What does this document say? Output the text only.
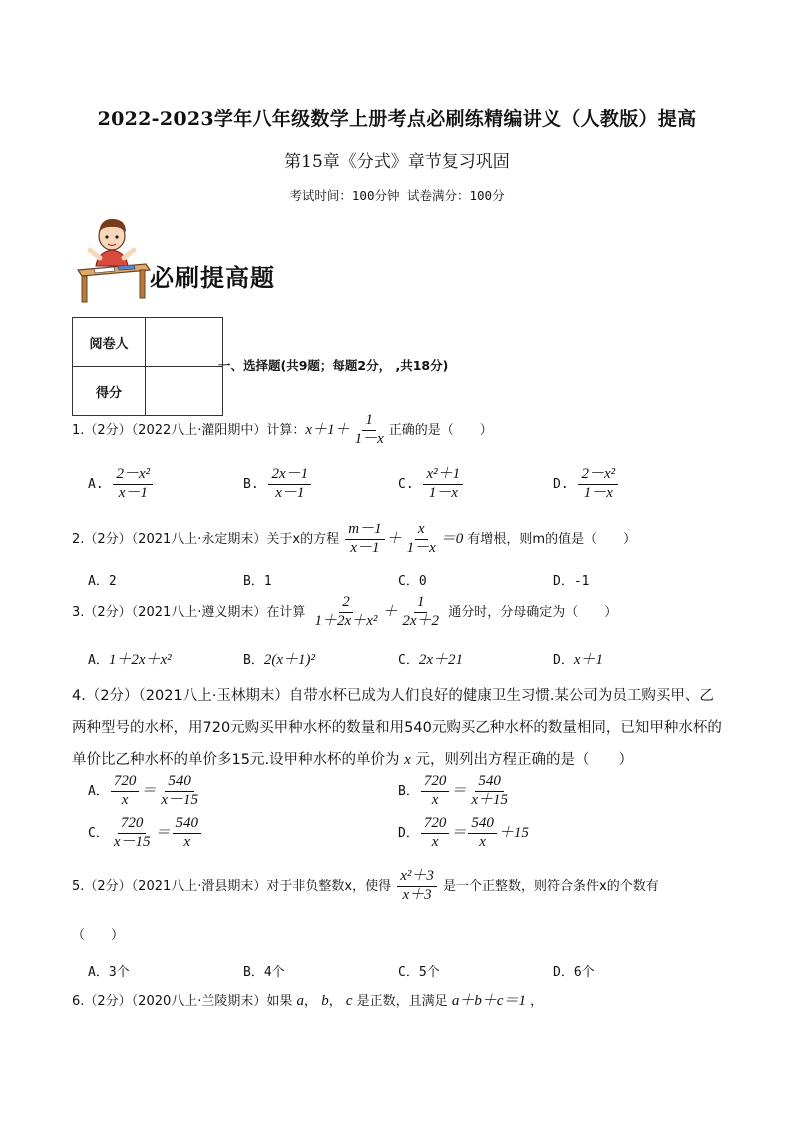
2022-2023学年八年级数学上册考点必刷练精编讲义（人教版）提高
第15章《分式》章节复习巩固
考试时间：100分钟 试卷满分：100分
必刷提高题
阅卷人	
得分	
一、选择题(共9题；每题2分， ,共18分)
1.（2分）（2022八上·灌阳期中）计算：$x+1+ \frac{1}{1-x}$ 正确的是（　　）
A. $\frac{\text{2－x²}}{x-1}$	B. $\frac{2x-1}{x-1}$	C. $\frac{\text{x²＋1}}{1-x}$	D. $\frac{\text{2－x²}}{1-x}$
2.（2分）（2021八上·永定期末）关于x的方程 $\frac{m-1}{x-1} + \frac{x}{1-x} =0$ 有增根，则m的值是（　　）
A．2	B．1	C．0	D．-1
3.（2分）（2021八上·遵义期末）在计算 $\frac{2}{\text{1＋2x＋x²}} + \frac{1}{2x+2}$ 通分时，分母确定为（　　）
A．1＋2x＋x²	B．2(x＋1)²	C．2x＋21	D．x＋1
4.（2分）（2021八上·玉林期末）自带水杯已成为人们良好的健康卫生习惯.某公司为员工购买甲、乙两种型号的水杯，用720元购买甲种水杯的数量和用540元购买乙种水杯的数量相同，已知甲种水杯的单价比乙种水杯的单价多15元.设甲种水杯的单价为 x 元，则列出方程正确的是（　　）
A． $\frac{720}{x} = \frac{540}{x-15}$	B． $\frac{720}{x} = \frac{540}{x+15}$
C． $\frac{720}{x-15} = \frac{540}{x}$	D． $\frac{720}{x} = \frac{540}{x} +15$
5.（2分）（2021八上·滑县期末）对于非负整数x，使得 $\frac{\text{x²＋3}}{x+3}$ 是一个正整数，则符合条件x的个数有
（　　）
A．3个	B．4个	C．5个	D．6个
6.（2分）（2020八上·兰陵期末）如果 a， b， c 是正数，且满足 a＋b＋c＝1 ，
